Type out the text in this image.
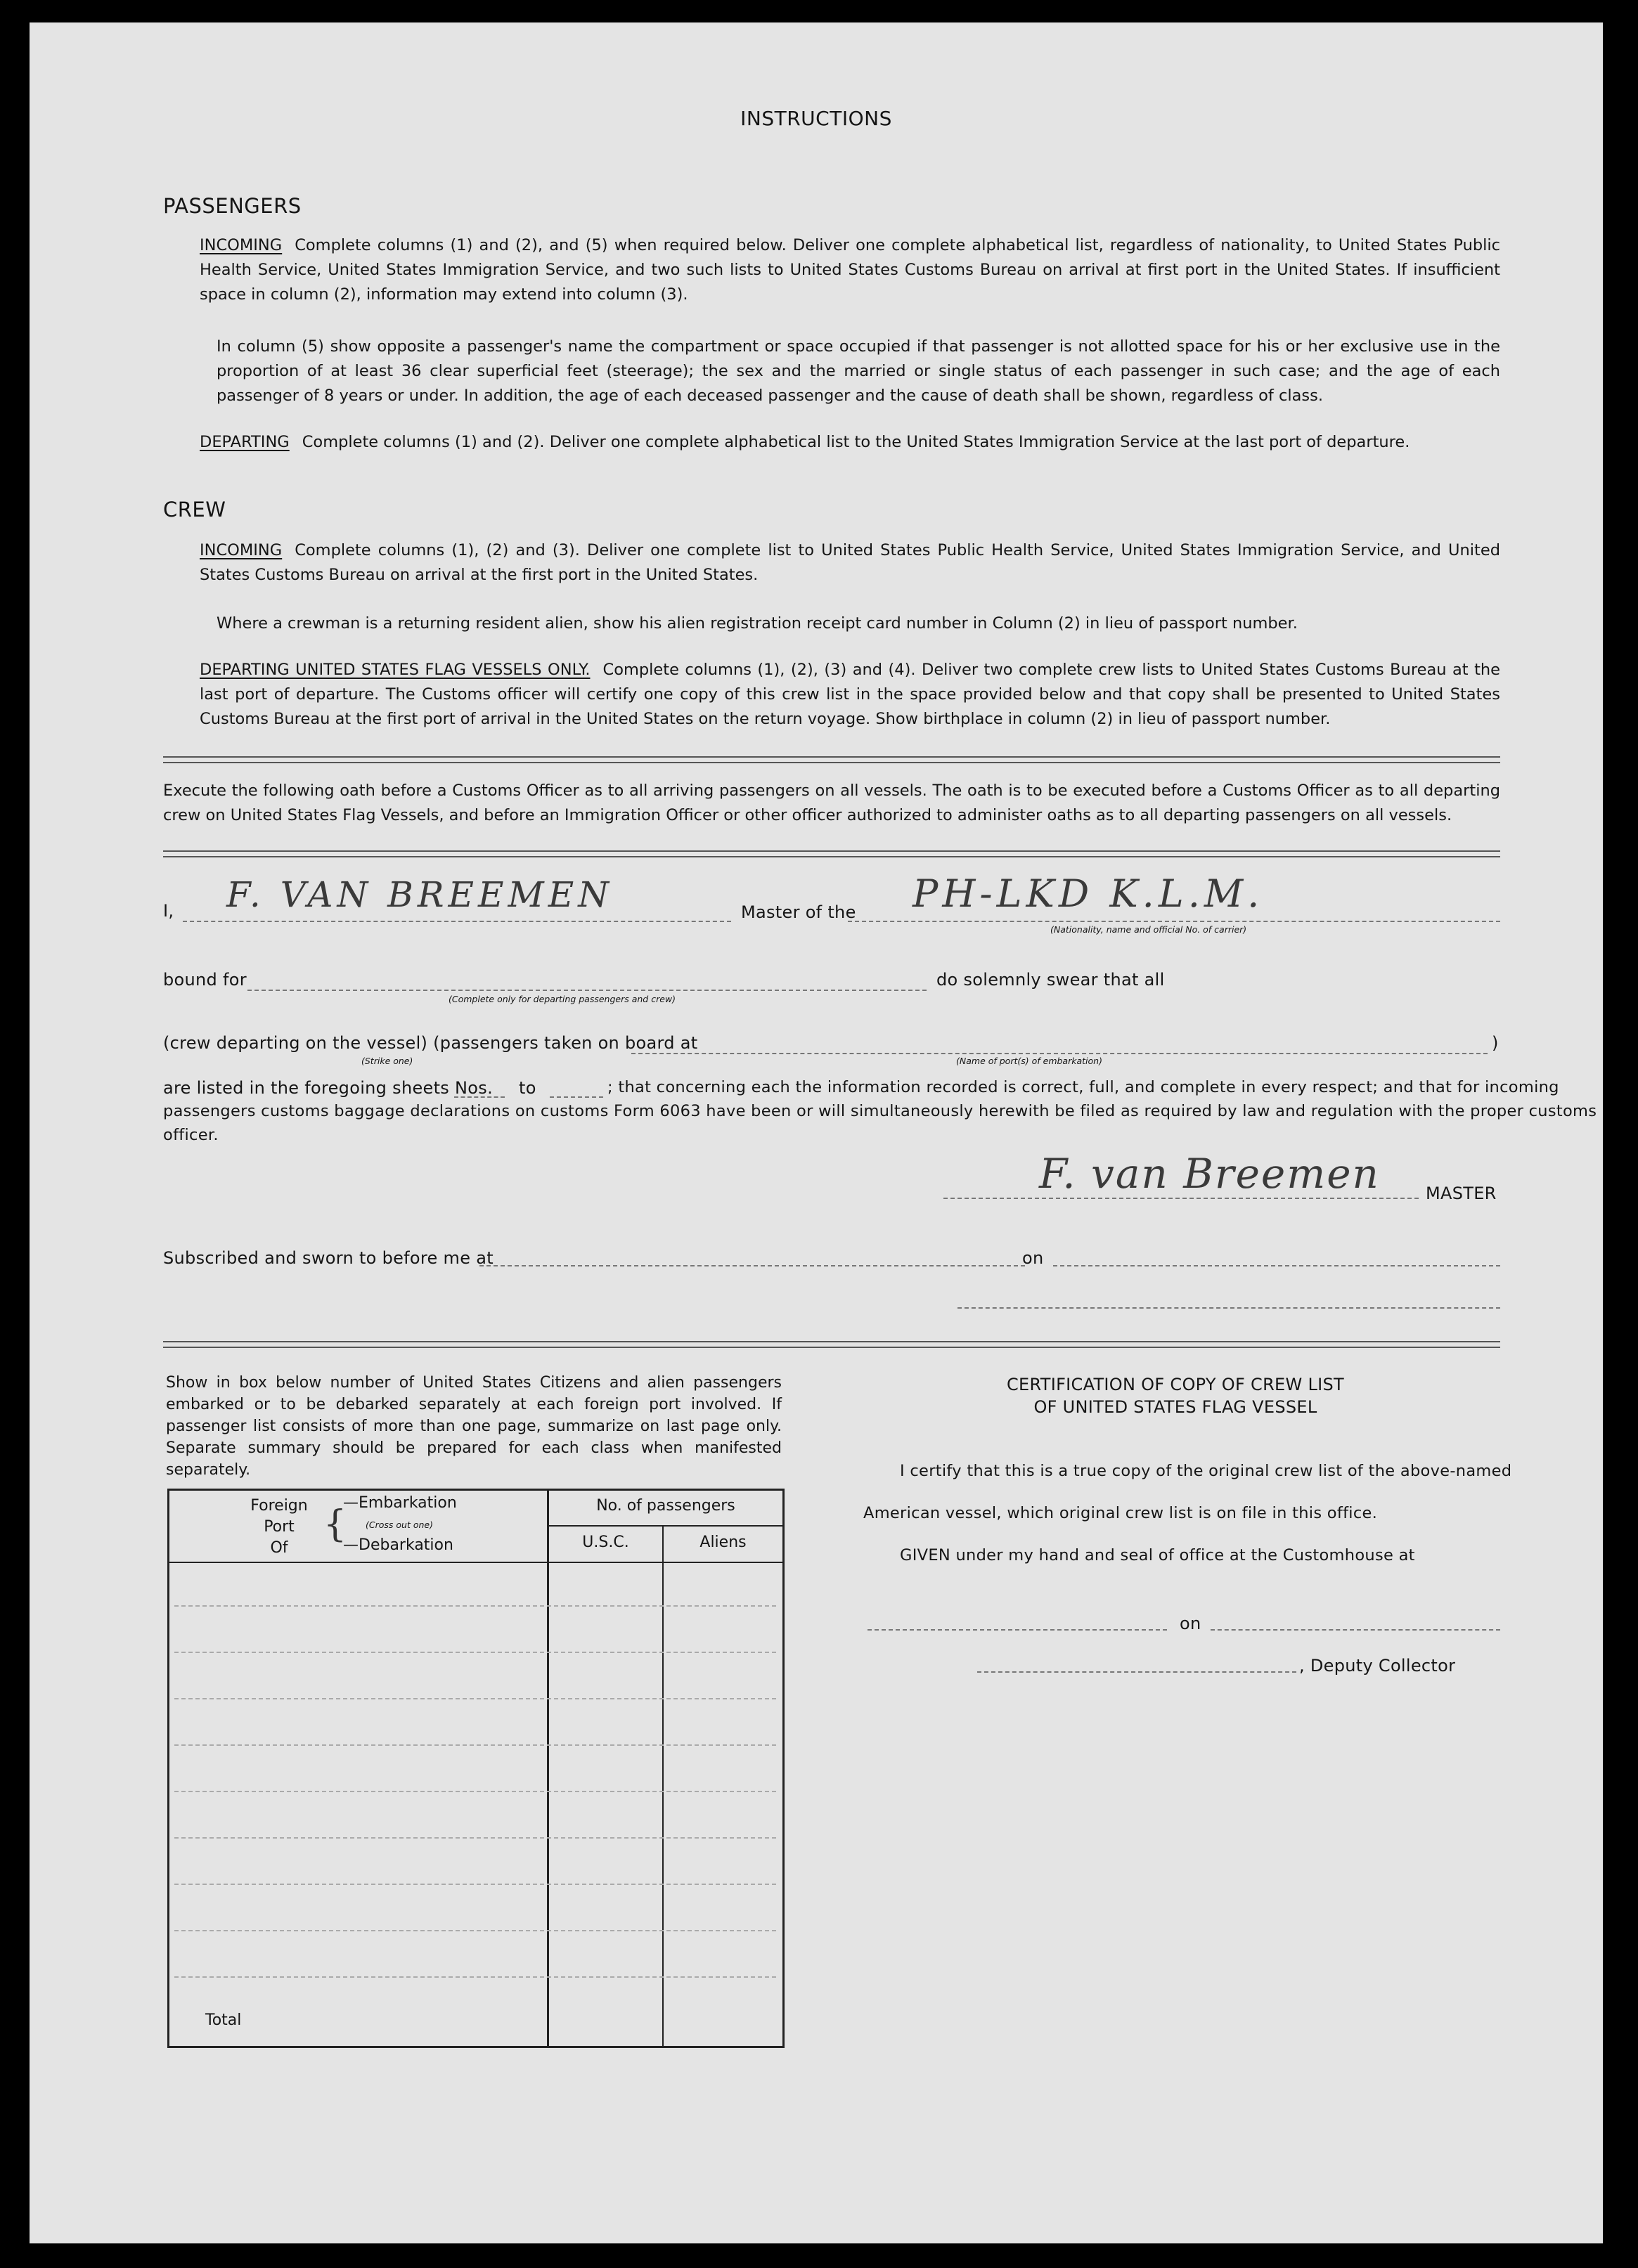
INSTRUCTIONS
PASSENGERS
INCOMING Complete columns (1) and (2), and (5) when required below. Deliver one complete alphabetical list, regardless of nationality, to United States Public Health Service, United States Immigration Service, and two such lists to United States Customs Bureau on arrival at first port in the United States. If insufficient space in column (2), information may extend into column (3).
In column (5) show opposite a passenger's name the compartment or space occupied if that passenger is not allotted space for his or her exclusive use in the proportion of at least 36 clear superficial feet (steerage); the sex and the married or single status of each passenger in such case; and the age of each passenger of 8 years or under. In addition, the age of each deceased passenger and the cause of death shall be shown, regardless of class.
DEPARTING Complete columns (1) and (2). Deliver one complete alphabetical list to the United States Immigration Service at the last port of departure.
CREW
INCOMING Complete columns (1), (2) and (3). Deliver one complete list to United States Public Health Service, United States Immigration Service, and United States Customs Bureau on arrival at the first port in the United States.
Where a crewman is a returning resident alien, show his alien registration receipt card number in Column (2) in lieu of passport number.
DEPARTING UNITED STATES FLAG VESSELS ONLY. Complete columns (1), (2), (3) and (4). Deliver two complete crew lists to United States Customs Bureau at the last port of departure. The Customs officer will certify one copy of this crew list in the space provided below and that copy shall be presented to United States Customs Bureau at the first port of arrival in the United States on the return voyage. Show birthplace in column (2) in lieu of passport number.
Execute the following oath before a Customs Officer as to all arriving passengers on all vessels. The oath is to be executed before a Customs Officer as to all departing crew on United States Flag Vessels, and before an Immigration Officer or other officer authorized to administer oaths as to all departing passengers on all vessels.
I, F. VAN BREEMEN	Master of the PH-LKD K.L.M.
(Nationality, name and official No. of carrier)
bound for
(Complete only for departing passengers and crew)
do solemnly swear that all
(crew departing on the vessel) (passengers taken on board at
(Strike one)	(Name of port(s) of embarkation)
)
are listed in the foregoing sheets Nos. to	; that concerning each the information recorded is correct, full, and complete in every respect; and that for incoming
passengers customs baggage declarations on customs Form 6063 have been or will simultaneously herewith be filed as required by law and regulation with the proper customs
officer.
F. van Breemen	MASTER
Subscribed and sworn to before me at	on
Show in box below number of United States Citizens and alien passengers embarked or to be debarked separately at each foreign port involved. If passenger list consists of more than one page, summarize on last page only. Separate summary should be prepared for each class when manifested separately.
Foreign
Port
Of
{
—Embarkation
(Cross out one)
—Debarkation
No. of passengers
U.S.C.	Aliens
Total
CERTIFICATION OF COPY OF CREW LIST
OF UNITED STATES FLAG VESSEL
I certify that this is a true copy of the original crew list of the above-named
American vessel, which original crew list is on file in this office.
GIVEN under my hand and seal of office at the Customhouse at
on
, Deputy Collector
